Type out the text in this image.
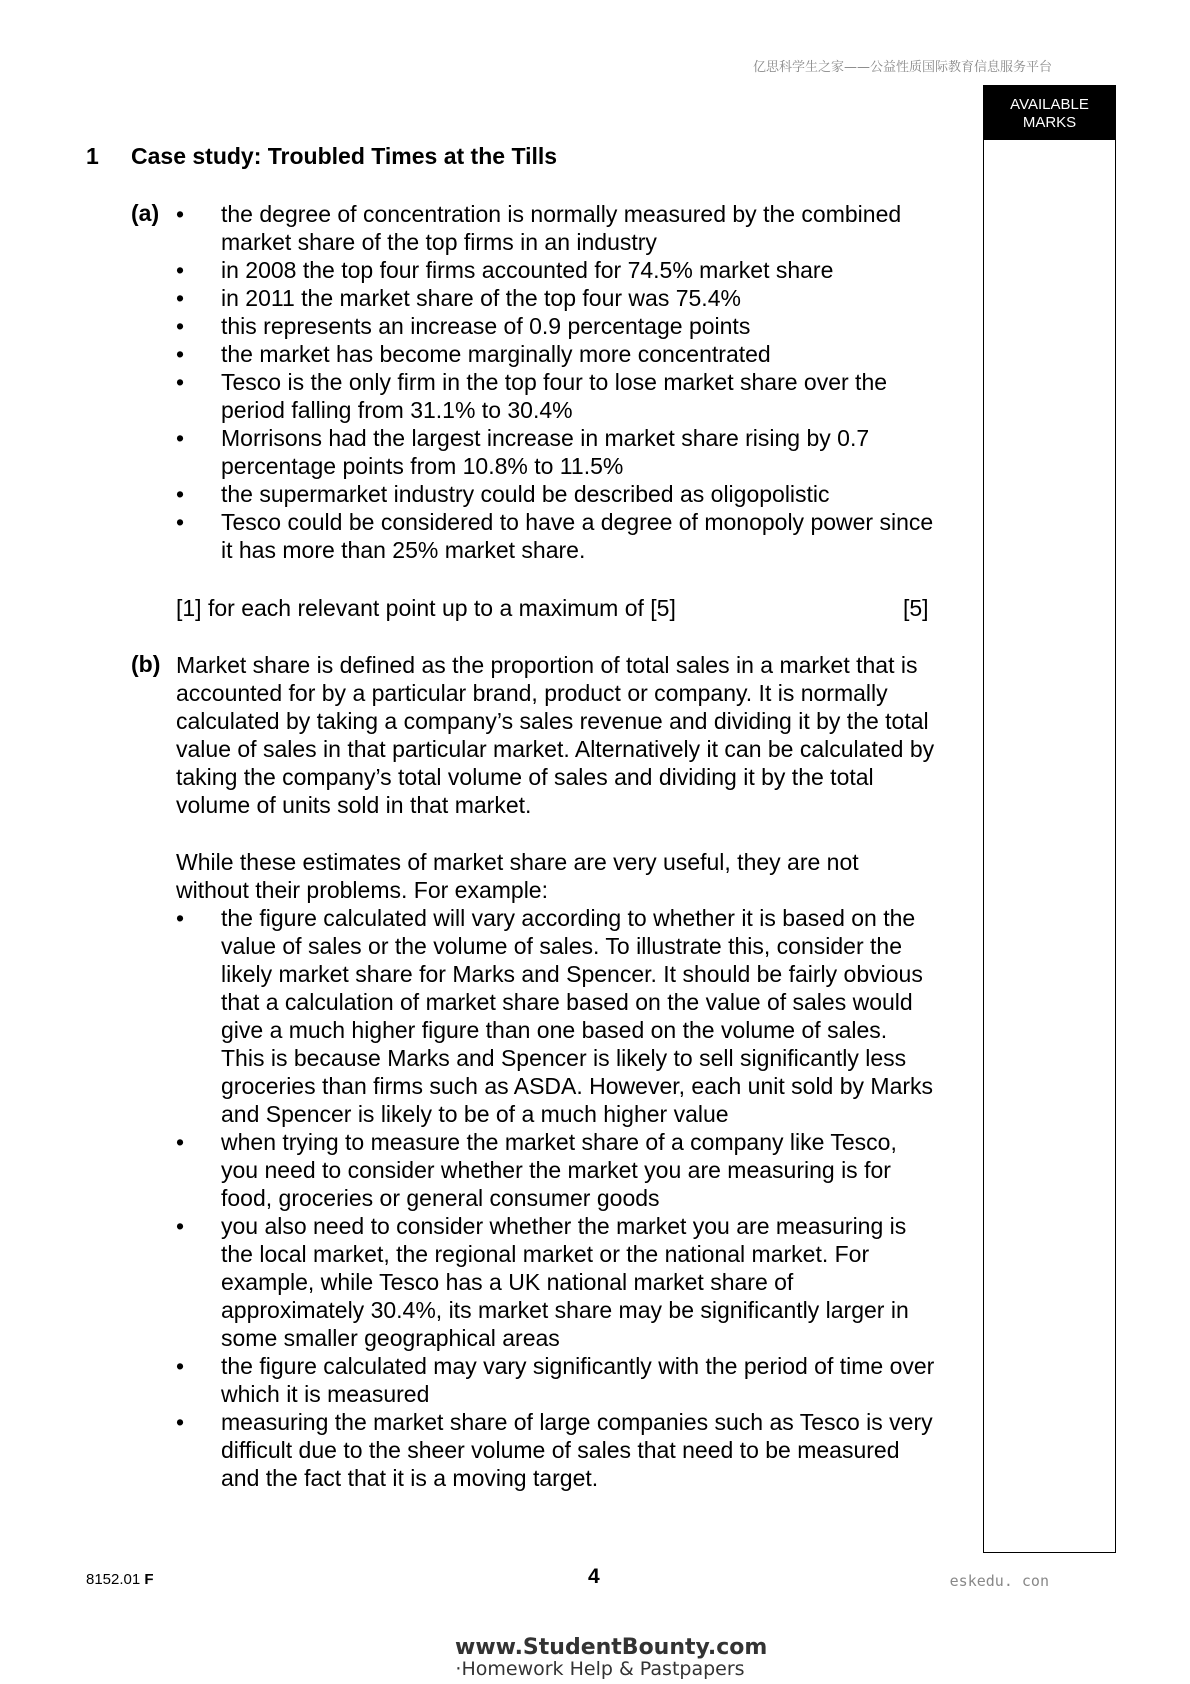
亿思科学生之家——公益性质国际教育信息服务平台
AVAILABLE
MARKS
1 Case study: Troubled Times at the Tills
(a) • the degree of concentration is normally measured by the combined market share of the top firms in an industry
• in 2008 the top four firms accounted for 74.5% market share
• in 2011 the market share of the top four was 75.4%
• this represents an increase of 0.9 percentage points
• the market has become marginally more concentrated
• Tesco is the only firm in the top four to lose market share over the period falling from 31.1% to 30.4%
• Morrisons had the largest increase in market share rising by 0.7 percentage points from 10.8% to 11.5%
• the supermarket industry could be described as oligopolistic
• Tesco could be considered to have a degree of monopoly power since it has more than 25% market share.
[1] for each relevant point up to a maximum of [5]	[5]
(b) Market share is defined as the proportion of total sales in a market that is accounted for by a particular brand, product or company. It is normally calculated by taking a company’s sales revenue and dividing it by the total value of sales in that particular market. Alternatively it can be calculated by taking the company’s total volume of sales and dividing it by the total volume of units sold in that market.
While these estimates of market share are very useful, they are not without their problems. For example:
• the figure calculated will vary according to whether it is based on the value of sales or the volume of sales. To illustrate this, consider the likely market share for Marks and Spencer. It should be fairly obvious that a calculation of market share based on the value of sales would give a much higher figure than one based on the volume of sales. This is because Marks and Spencer is likely to sell significantly less groceries than firms such as ASDA. However, each unit sold by Marks and Spencer is likely to be of a much higher value
• when trying to measure the market share of a company like Tesco, you need to consider whether the market you are measuring is for food, groceries or general consumer goods
• you also need to consider whether the market you are measuring is the local market, the regional market or the national market. For example, while Tesco has a UK national market share of approximately 30.4%, its market share may be significantly larger in some smaller geographical areas
• the figure calculated may vary significantly with the period of time over which it is measured
• measuring the market share of large companies such as Tesco is very difficult due to the sheer volume of sales that need to be measured and the fact that it is a moving target.
8152.01 F	4	eskedu. con
www.StudentBounty.com
·Homework Help & Pastpapers
